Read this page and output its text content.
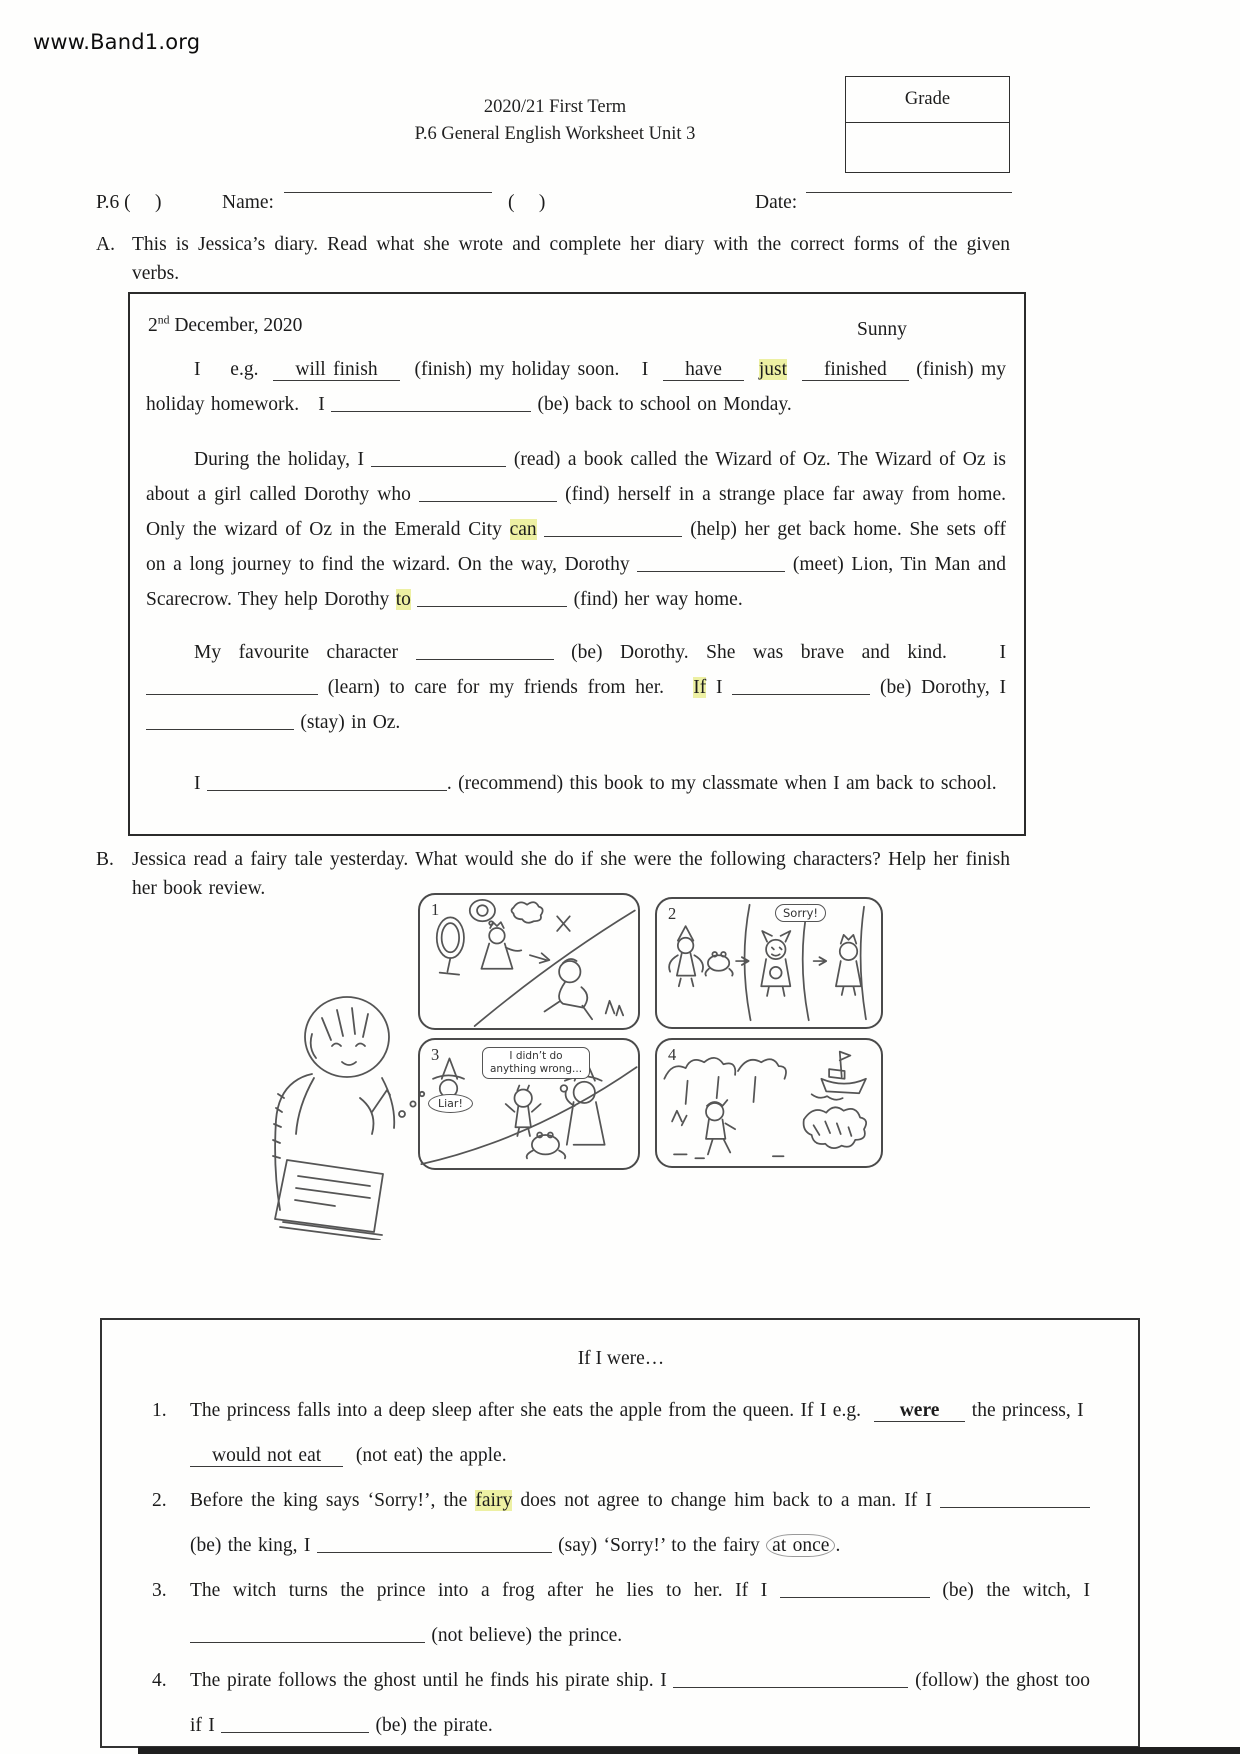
www.Band1.org
2020/21 First Term
P.6 General English Worksheet Unit 3
Grade
P.6 (     )	Name:	(     )	Date:
A. This is Jessica’s diary. Read what she wrote and complete her diary with the correct forms of the given verbs.
2nd December, 2020	Sunny

I    e.g.  will finish  (finish) my holiday soon.   I  have just finished (finish) my holiday homework.   I	(be) back to school on Monday.

During the holiday, I	(read) a book called the Wizard of Oz. The Wizard of Oz is about a girl called Dorothy who	(find) herself in a strange place far away from home. Only the wizard of Oz in the Emerald City can	(help) her get back home. She sets off on a long journey to find the wizard. On the way, Dorothy	(meet) Lion, Tin Man and Scarecrow. They help Dorothy to	(find) her way home.

My favourite character	(be) Dorothy. She was brave and kind.   I  (learn) to care for my friends from her.   If I	(be) Dorothy, I  (stay) in Oz.

I	. (recommend) this book to my classmate when I am back to school.

B. Jessica read a fairy tale yesterday. What would she do if she were the following characters? Help her finish her book review.
1	2	Sorry!
3	I didn’t do
anything wrong...
Liar!
4
If I were…
1. The princess falls into a deep sleep after she eats the apple from the queen. If I e.g.  were the princess, I  would not eat  (not eat) the apple.
2. Before the king says ‘Sorry!’, the fairy does not agree to change him back to a man. If I  (be) the king, I	(say) ‘Sorry!’ to the fairy at once .
3. The witch turns the prince into a frog after he lies to her. If I	(be) the witch, I  (not believe) the prince.
4. The pirate follows the ghost until he finds his pirate ship. I	(follow) the ghost too if I	(be) the pirate.
